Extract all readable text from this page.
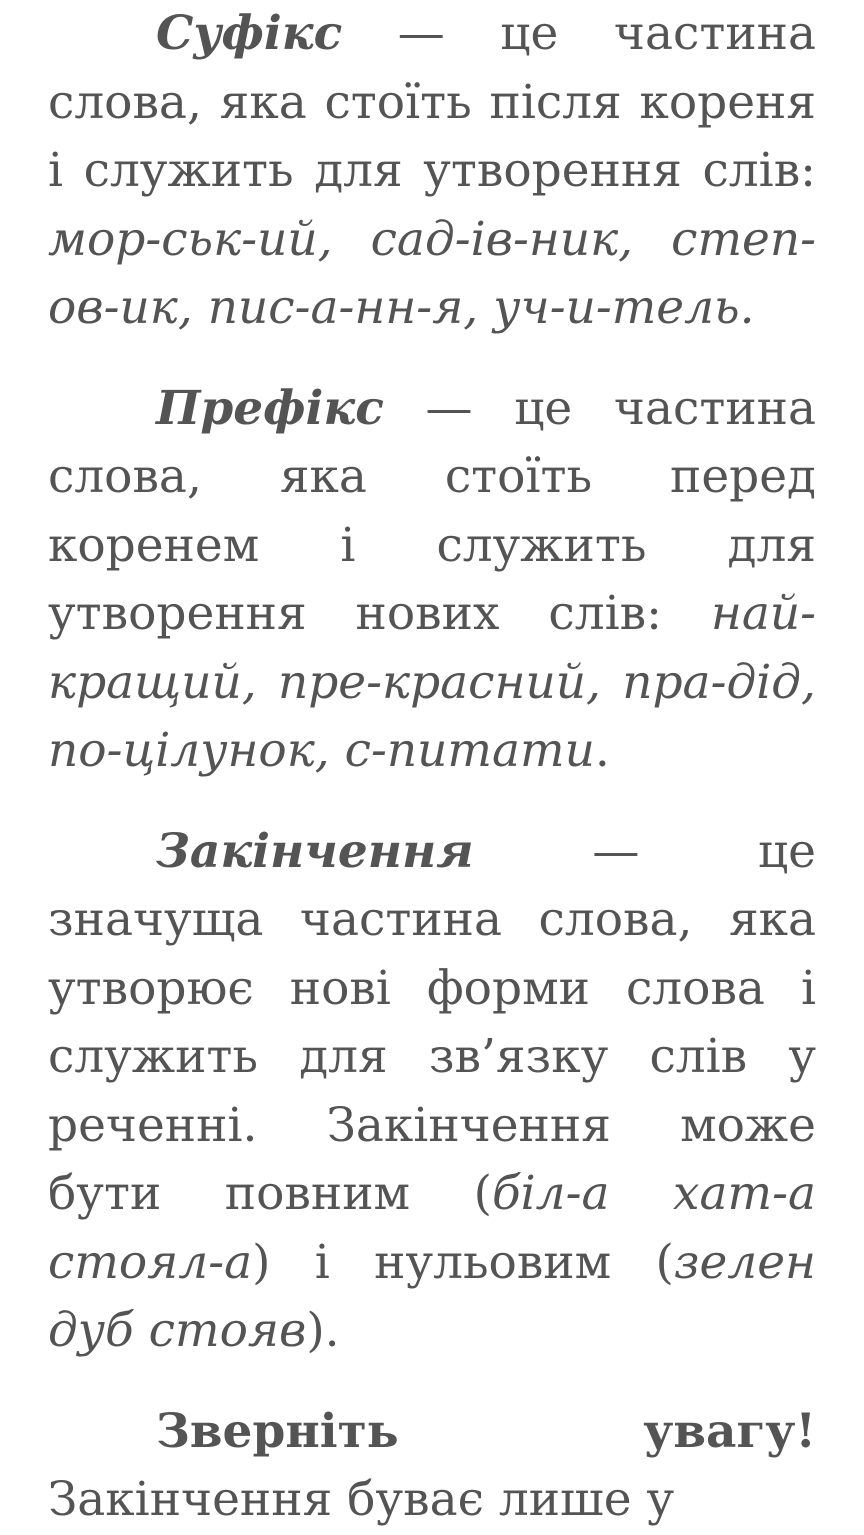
Суфікс — це частина слова, яка стоїть після кореня і служить для утворення слів: мор-ськ-ий, сад-ів-ник, степ-ов-ик, пис-а-нн-я, уч-и-тель.

Префікс — це частина слова, яка стоїть перед коренем і служить для утворення нових слів: най-кращий, пре-красний, пра-дід, по-цілунок, с-питати.

Закінчення — це значуща частина слова, яка утворює нові форми слова і служить для зв’язку слів у реченні. Закінчення може бути повним (біл-а хат-а стоял-а) і нульовим (зелен дуб стояв).

Зверніть увагу! Закінчення буває лише у
